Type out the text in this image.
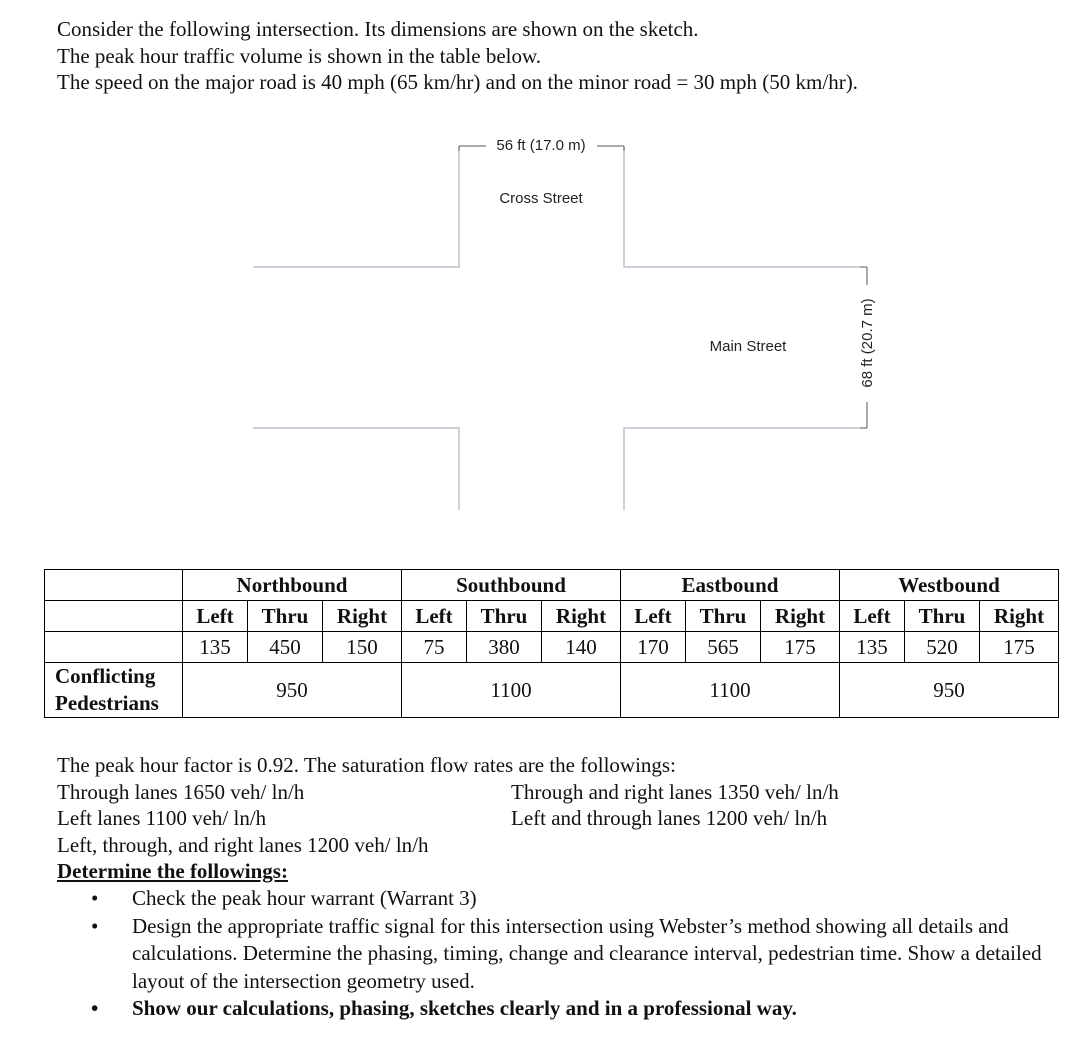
Consider the following intersection. Its dimensions are shown on the sketch.
The peak hour traffic volume is shown in the table below.
The speed on the major road is 40 mph (65 km/hr) and on the minor road = 30 mph (50 km/hr).
56 ft (17.0 m)
Cross Street
Main Street	68 ft (20.7 m)
	Northbound			Southbound			Eastbound			Westbound		
	Left	Thru	Right	Left	Thru	Right	Left	Thru	Right	Left	Thru	Right
	135	450	150	75	380	140	170	565	175	135	520	175

Conflicting
Pedestrians	950			1100			1100			950		
The peak hour factor is 0.92. The saturation flow rates are the followings:
Through lanes 1650 veh/ ln/h	Through and right lanes 1350 veh/ ln/h
Left lanes 1100 veh/ ln/h	Left and through lanes 1200 veh/ ln/h
Left, through, and right lanes 1200 veh/ ln/h
Determine the followings:
• Check the peak hour warrant (Warrant 3)
• Design the appropriate traffic signal for this intersection using Webster’s method showing all details and calculations. Determine the phasing, timing, change and clearance interval, pedestrian time. Show a detailed layout of the intersection geometry used.
• Show our calculations, phasing, sketches clearly and in a professional way.
